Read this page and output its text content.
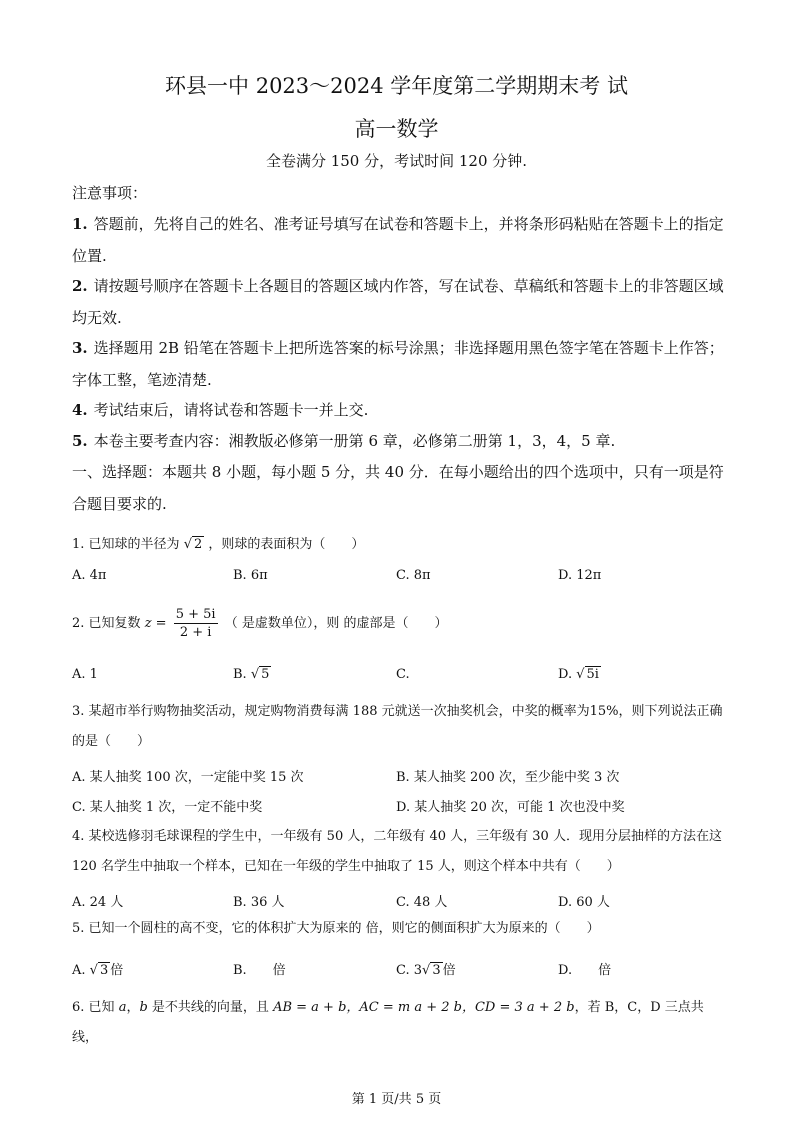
环县一中 2023～2024 学年度第二学期期末考 试
高一数学
全卷满分 150 分，考试时间 120 分钟.
注意事项：
1. 答题前，先将自己的姓名、准考证号填写在试卷和答题卡上，并将条形码粘贴在答题卡上的指定位置.
2. 请按题号顺序在答题卡上各题目的答题区域内作答，写在试卷、草稿纸和答题卡上的非答题区域均无效.
3. 选择题用 2B 铅笔在答题卡上把所选答案的标号涂黑；非选择题用黑色签字笔在答题卡上作答；字体工整，笔迹清楚.
4. 考试结束后，请将试卷和答题卡一并上交.
5. 本卷主要考查内容：湘教版必修第一册第 6 章，必修第二册第 1，3，4，5 章.
一、选择题：本题共 8 小题，每小题 5 分，共 40 分．在每小题给出的四个选项中，只有一项是符合题目要求的.
1. 已知球的半径为 √ 2 ，则球的表面积为（　　）
A. 4π	B. 6π	C. 8π	D. 12π
2. 已知复数 $z = \frac{5 + 5i}{2 + i}$ （ 是虚数单位），则 的虚部是（　　）
A. 1	B. √ 5	C.	D. √ 5i
3. 某超市举行购物抽奖活动，规定购物消费每满 188 元就送一次抽奖机会，中奖的概率为15%，则下列说法正确的是（　　）
A. 某人抽奖 100 次，一定能中奖 15 次	B. 某人抽奖 200 次，至少能中奖 3 次
C. 某人抽奖 1 次，一定不能中奖	D. 某人抽奖 20 次，可能 1 次也没中奖
4. 某校选修羽毛球课程的学生中，一年级有 50 人，二年级有 40 人，三年级有 30 人．现用分层抽样的方法在这 120 名学生中抽取一个样本，已知在一年级的学生中抽取了 15 人，则这个样本中共有（　　）
A. 24 人	B. 36 人	C. 48 人	D. 60 人
5. 已知一个圆柱的高不变，它的体积扩大为原来的 倍，则它的侧面积扩大为原来的（　　）
A. √ 3 倍	B.　　倍	C. 3√ 3 倍	D.　　倍
6. 已知 a，b 是不共线的向量，且 AB = a + b，AC = m a + 2 b，CD = 3 a + 2 b，若 B，C，D 三点共线，
第 1 页/共 5 页
